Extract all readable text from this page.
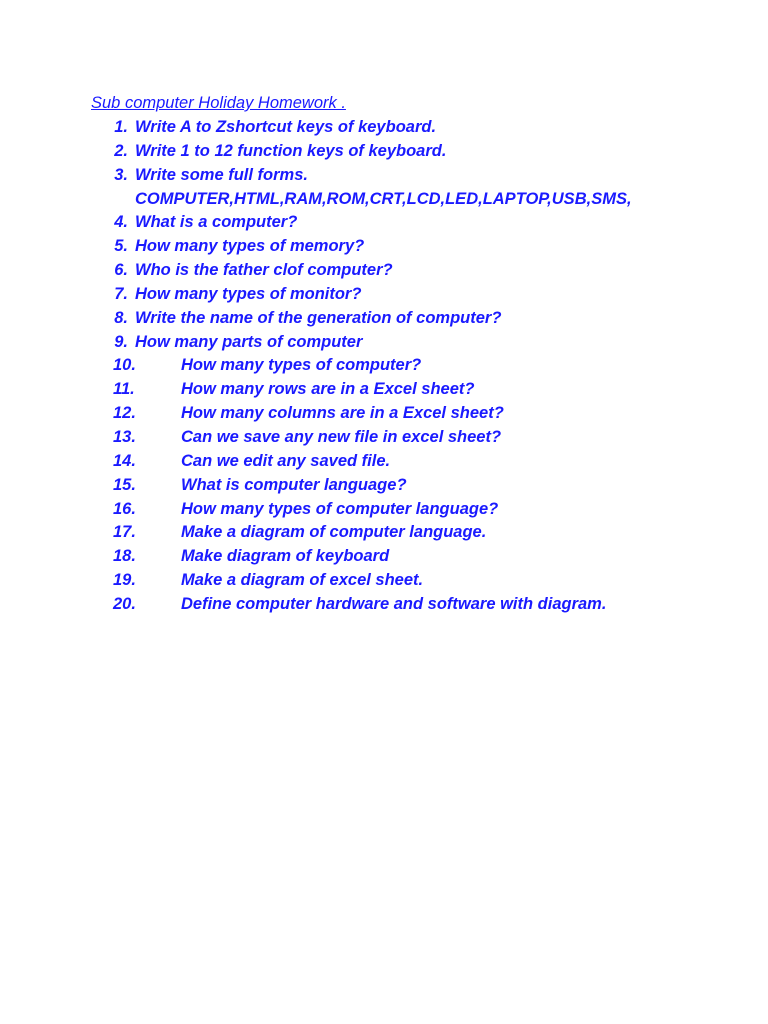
Sub computer Holiday Homework .
1. Write A to Zshortcut keys of keyboard.
2. Write 1 to 12 function keys of keyboard.
3. Write some full forms.
COMPUTER,HTML,RAM,ROM,CRT,LCD,LED,LAPTOP,USB,SMS,
4. What is a computer?
5. How many types of memory?
6. Who is the father clof computer?
7. How many types of monitor?
8. Write the name of the generation of computer?
9. How many parts of computer
10.	How many types of computer?
11.	How many rows are in a Excel sheet?
12.	How many columns are in a Excel sheet?
13.	Can we save any new file in excel sheet?
14.	Can we edit any saved file.
15.	What is computer language?
16.	How many types of computer language?
17.	Make a diagram of computer language.
18.	Make diagram of keyboard
19.	Make a diagram of excel sheet.
20.	Define computer hardware and software with diagram.
